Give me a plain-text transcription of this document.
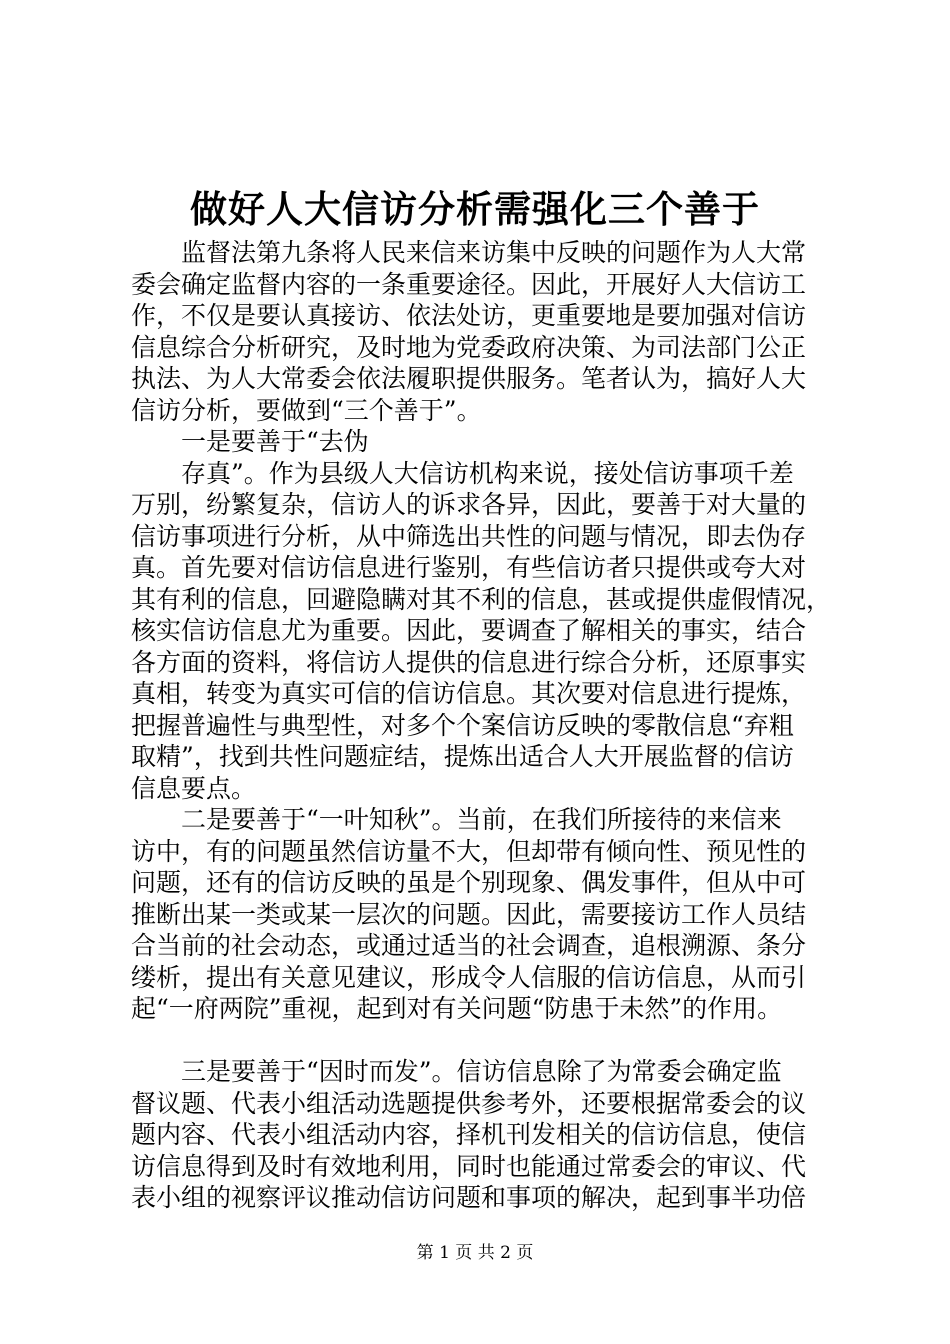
做好人大信访分析需强化三个善于
监督法第九条将人民来信来访集中反映的问题作为人大常
委会确定监督内容的一条重要途径。因此，开展好人大信访工
作，不仅是要认真接访、依法处访，更重要地是要加强对信访
信息综合分析研究，及时地为党委政府决策、为司法部门公正
执法、为人大常委会依法履职提供服务。笔者认为，搞好人大
信访分析，要做到“三个善于”。
一是要善于“去伪
存真”。作为县级人大信访机构来说，接处信访事项千差
万别，纷繁复杂，信访人的诉求各异，因此，要善于对大量的
信访事项进行分析，从中筛选出共性的问题与情况，即去伪存
真。首先要对信访信息进行鉴别，有些信访者只提供或夸大对
其有利的信息，回避隐瞒对其不利的信息，甚或提供虚假情况，
核实信访信息尤为重要。因此，要调查了解相关的事实，结合
各方面的资料，将信访人提供的信息进行综合分析，还原事实
真相，转变为真实可信的信访信息。其次要对信息进行提炼，
把握普遍性与典型性，对多个个案信访反映的零散信息“弃粗
取精”，找到共性问题症结，提炼出适合人大开展监督的信访
信息要点。
二是要善于“一叶知秋”。当前，在我们所接待的来信来
访中，有的问题虽然信访量不大，但却带有倾向性、预见性的
问题，还有的信访反映的虽是个别现象、偶发事件，但从中可
推断出某一类或某一层次的问题。因此，需要接访工作人员结
合当前的社会动态，或通过适当的社会调查，追根溯源、条分
缕析，提出有关意见建议，形成令人信服的信访信息，从而引
起“一府两院”重视，起到对有关问题“防患于未然”的作用。
三是要善于“因时而发”。信访信息除了为常委会确定监
督议题、代表小组活动选题提供参考外，还要根据常委会的议
题内容、代表小组活动内容，择机刊发相关的信访信息，使信
访信息得到及时有效地利用，同时也能通过常委会的审议、代
表小组的视察评议推动信访问题和事项的解决，起到事半功倍
第 1 页 共 2 页
